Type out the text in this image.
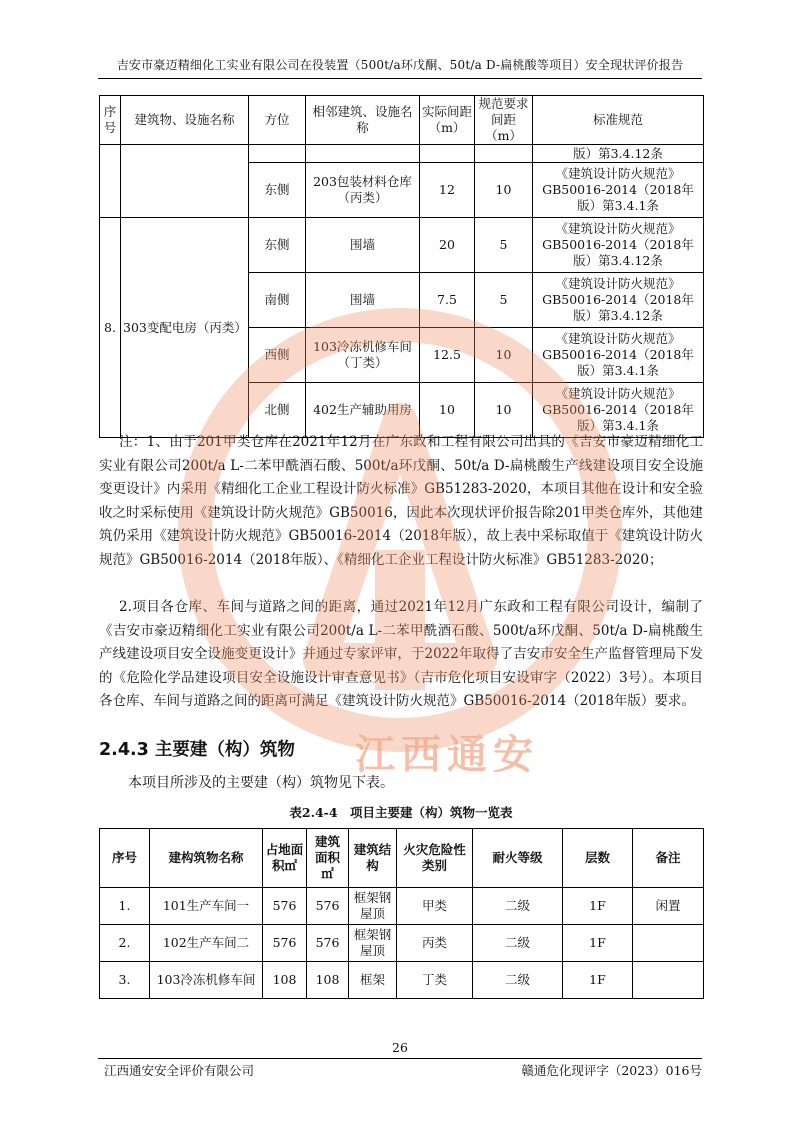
吉安市豪迈精细化工实业有限公司在役装置（500t/a环戊酮、50t/a D-扁桃酸等项目）安全现状评价报告
序号	建筑物、设施名称	方位	相邻建筑、设施名称	实际间距（m）	规范要求间距（m）	标准规范
						版）第3.4.12条
		东侧	203包装材料仓库（丙类）	12	10	《建筑设计防火规范》GB50016-2014（2018年版）第3.4.1条
8.	303变配电房（丙类）	东侧	围墙	20	5	《建筑设计防火规范》GB50016-2014（2018年版）第3.4.12条
		南侧	围墙	7.5	5	《建筑设计防火规范》GB50016-2014（2018年版）第3.4.12条
		西侧	103冷冻机修车间（丁类）	12.5	10	《建筑设计防火规范》GB50016-2014（2018年版）第3.4.1条
		北侧	402生产辅助用房	10	10	《建筑设计防火规范》GB50016-2014（2018年版）第3.4.1条

注：1、由于201甲类仓库在2021年12月在广东政和工程有限公司出具的《吉安市豪迈精细化工实业有限公司200t/a L-二苯甲酰酒石酸、500t/a环戊酮、50t/a D-扁桃酸生产线建设项目安全设施变更设计》内采用《精细化工企业工程设计防火标准》GB51283-2020，本项目其他在设计和安全验收之时采标使用《建筑设计防火规范》GB50016，因此本次现状评价报告除201甲类仓库外，其他建筑仍采用《建筑设计防火规范》GB50016-2014（2018年版），故上表中采标取值于《建筑设计防火规范》GB50016-2014（2018年版）、《精细化工企业工程设计防火标准》GB51283-2020；

2.项目各仓库、车间与道路之间的距离，通过2021年12月广东政和工程有限公司设计，编制了《吉安市豪迈精细化工实业有限公司200t/a L-二苯甲酰酒石酸、500t/a环戊酮、50t/a D-扁桃酸生产线建设项目安全设施变更设计》并通过专家评审，于2022年取得了吉安市安全生产监督管理局下发的《危险化学品建设项目安全设施设计审查意见书》（吉市危化项目安设审字（2022）3号）。本项目各仓库、车间与道路之间的距离可满足《建筑设计防火规范》GB50016-2014（2018年版）要求。

2.4.3 主要建（构）筑物
本项目所涉及的主要建（构）筑物见下表。
表2.4-4　项目主要建（构）筑物一览表
序号	建构筑物名称	占地面积㎡	建筑面积㎡	建筑结构	火灾危险性类别	耐火等级	层数	备注
1.	101生产车间一	576	576	框架钢屋顶	甲类	二级	1F	闲置
2.	102生产车间二	576	576	框架钢屋顶	丙类	二级	1F	
3.	103冷冻机修车间	108	108	框架	丁类	二级	1F	
江西通安
26
江西通安安全评价有限公司	赣通危化现评字（2023）016号
